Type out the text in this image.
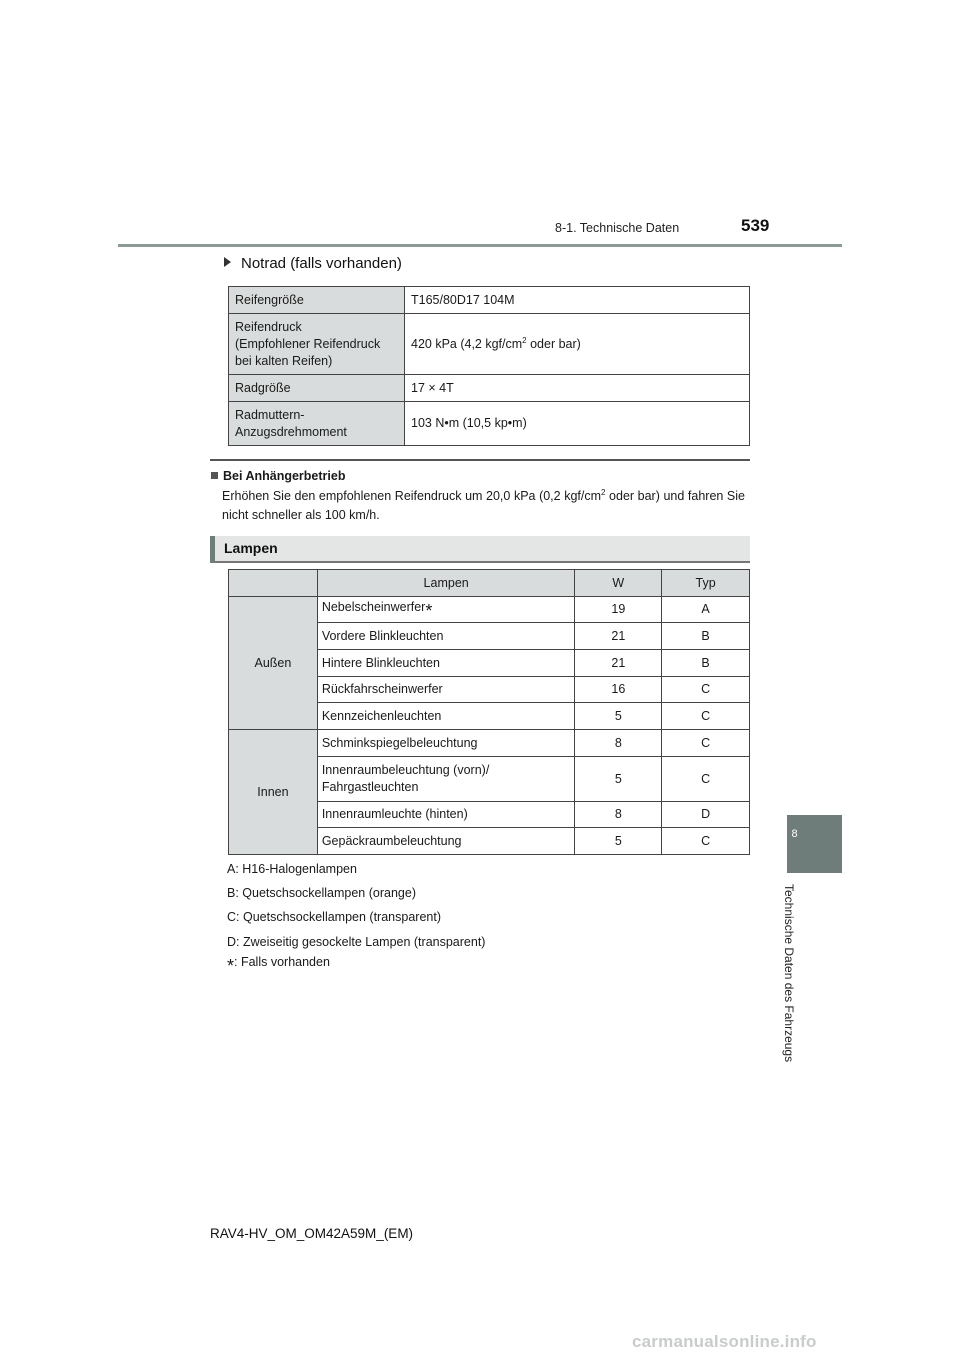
8-1. Technische Daten	539
8
Technische Daten des Fahrzeugs
Notrad (falls vorhanden)
Reifengröße	T165/80D17 104M
Reifendruck
(Empfohlener Reifendruck
bei kalten Reifen)	420 kPa (4,2 kgf/$cm^2$ oder bar)
Radgröße	17 × 4T
Radmuttern-
Anzugsdrehmoment	103 N•m (10,5 kp•m)
Bei Anhängerbetrieb
Erhöhen Sie den empfohlenen Reifendruck um 20,0 kPa (0,2 kgf/$cm^2$ oder bar) und fahren Sie nicht schneller als 100 km/h.
Lampen
	Lampen	W	Typ
Außen	Nebelscheinwerfer*	19	A
	Vordere Blinkleuchten	21	B
	Hintere Blinkleuchten	21	B
	Rückfahrscheinwerfer	16	C
	Kennzeichenleuchten	5	C
Innen	Schminkspiegelbeleuchtung	8	C
	Innenraumbeleuchtung (vorn)/
Fahrgastleuchten	5	C
	Innenraumleuchte (hinten)	8	D
	Gepäckraumbeleuchtung	5	C
A: H16-Halogenlampen
B: Quetschsockellampen (orange)
C: Quetschsockellampen (transparent)
D: Zweiseitig gesockelte Lampen (transparent)
*: Falls vorhanden
RAV4-HV_OM_OM42A59M_(EM)
carmanualsonline.info
